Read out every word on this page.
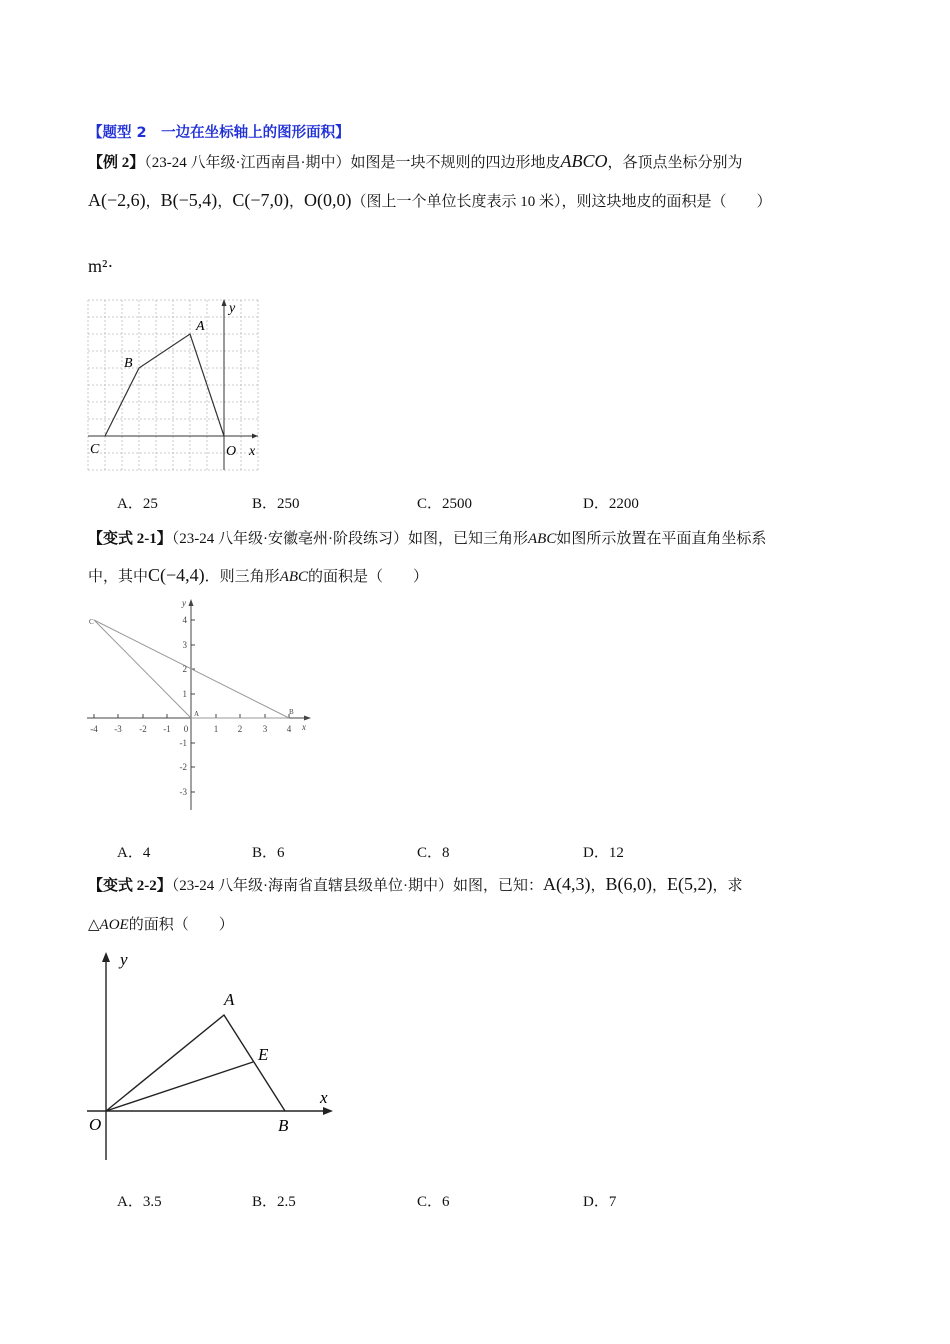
【题型 2　一边在坐标轴上的图形面积】
【例 2】（23-24 八年级·江西南昌·期中）如图是一块不规则的四边形地皮ABCO，各顶点坐标分别为
A(−2,6)，B(−5,4)，C(−7,0)，O(0,0)（图上一个单位长度表示 10 米），则这块地皮的面积是（　　）
m²·
A
B
C	O x
y
A．25	B．250	C．2500	D．2200
【变式 2-1】（23-24 八年级·安徽亳州·阶段练习）如图，已知三角形ABC如图所示放置在平面直角坐标系
中，其中C(−4,4)．则三角形ABC的面积是（　　）
C
A	B
x
y
-4 -3 -2 -1 0	1 2 3 4
4
3
2
1
-1
-2
-3
A．4	B．6	C．8	D．12
【变式 2-2】（23-24 八年级·海南省直辖县级单位·期中）如图，已知：A(4,3)，B(6,0)，E(5,2)，求
△AOE的面积（　　）
A
E
B
O
x
y
A．3.5	B．2.5	C．6	D．7
